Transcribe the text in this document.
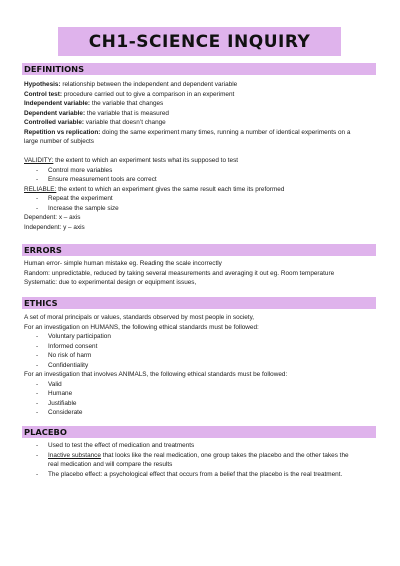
CH1-SCIENCE INQUIRY
DEFINITIONS
Hypothesis: relationship between the independent and dependent variable
Control test: procedure carried out to give a comparison in an experiment
Independent variable: the variable that changes
Dependent variable: the variable that is measured
Controlled variable: variable that doesn’t change
Repetition vs replication: doing the same experiment many times, running a number of identical experiments on a
large number of subjects
VALIDITY: the extent to which an experiment tests what its supposed to test
- Control more variables
- Ensure measurement tools are correct
RELIABLE: the extent to which an experiment gives the same result each time its preformed
- Repeat the experiment
- Increase the sample size
Dependent: x – axis
Independent: y – axis
ERRORS
Human error- simple human mistake eg. Reading the scale incorrectly
Random: unpredictable, reduced by taking several measurements and averaging it out eg. Room temperature
Systematic: due to experimental design or equipment issues,
ETHICS
A set of moral principals or values, standards observed by most people in society,
For an investigation on HUMANS, the following ethical standards must be followed:
- Voluntary participation
- Informed consent
- No risk of harm
- Confidentiality
For an investigation that involves ANIMALS, the following ethical standards must be followed:
- Valid
- Humane
- Justifiable
- Considerate
PLACEBO
- Used to test the effect of medication and treatments
- Inactive substance that looks like the real medication, one group takes the placebo and the other takes the
real medication and will compare the results
- The placebo effect: a psychological effect that occurs from a belief that the placebo is the real treatment.
